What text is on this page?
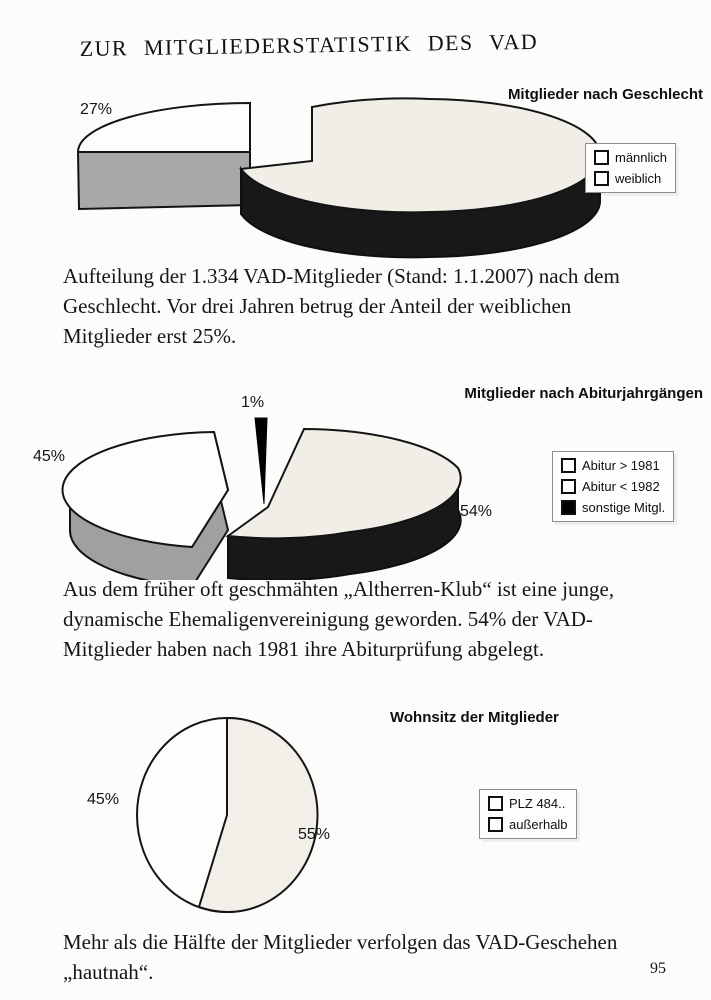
ZUR MITGLIEDERSTATISTIK DES VAD
Mitglieder nach Geschlecht
27%
73%
männlich
weiblich
Aufteilung der 1.334 VAD-Mitglieder (Stand: 1.1.2007) nach dem
Geschlecht. Vor drei Jahren betrug der Anteil der weiblichen
Mitglieder erst 25%.
Mitglieder nach Abiturjahrgängen
45%
1%
54%
Abitur > 1981
Abitur < 1982
sonstige Mitgl.
Aus dem früher oft geschmähten „Altherren-Klub“ ist eine junge,
dynamische Ehemaligenvereinigung geworden. 54% der VAD-
Mitglieder haben nach 1981 ihre Abiturprüfung abgelegt.
Wohnsitz der Mitglieder
45%
55%
PLZ 484..
außerhalb
Mehr als die Hälfte der Mitglieder verfolgen das VAD-Geschehen
„hautnah“.	95
